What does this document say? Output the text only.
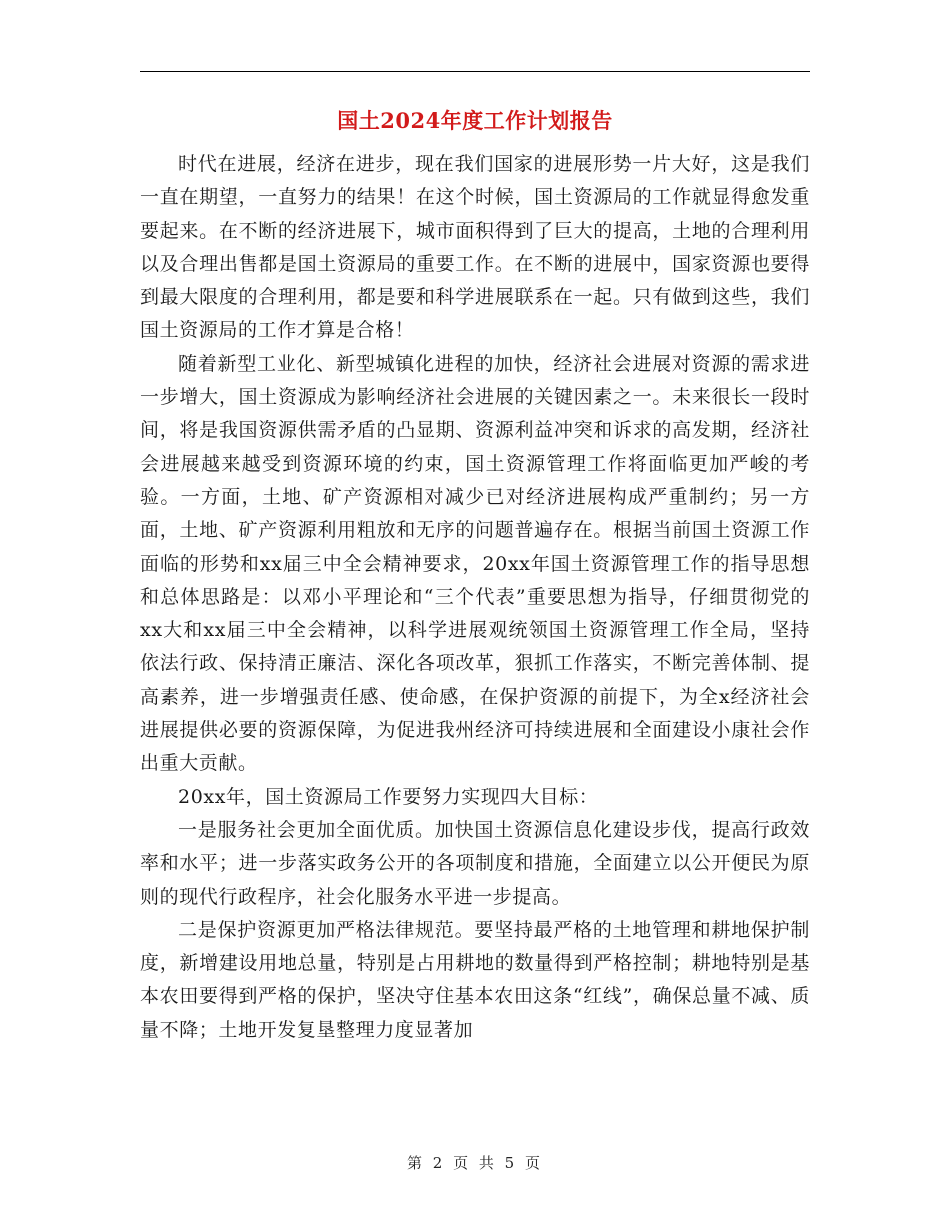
国土2024年度工作计划报告

时代在进展，经济在进步，现在我们国家的进展形势一片大好，这是我们一直在期望，一直努力的结果！在这个时候，国土资源局的工作就显得愈发重要起来。在不断的经济进展下，城市面积得到了巨大的提高，土地的合理利用以及合理出售都是国土资源局的重要工作。在不断的进展中，国家资源也要得到最大限度的合理利用，都是要和科学进展联系在一起。只有做到这些，我们国土资源局的工作才算是合格！

随着新型工业化、新型城镇化进程的加快，经济社会进展对资源的需求进一步增大，国土资源成为影响经济社会进展的关键因素之一。未来很长一段时间，将是我国资源供需矛盾的凸显期、资源利益冲突和诉求的高发期，经济社会进展越来越受到资源环境的约束，国土资源管理工作将面临更加严峻的考验。一方面，土地、矿产资源相对减少已对经济进展构成严重制约；另一方面，土地、矿产资源利用粗放和无序的问题普遍存在。根据当前国土资源工作面临的形势和xx届三中全会精神要求，20xx年国土资源管理工作的指导思想和总体思路是：以邓小平理论和“三个代表”重要思想为指导，仔细贯彻党的xx大和xx届三中全会精神，以科学进展观统领国土资源管理工作全局，坚持依法行政、保持清正廉洁、深化各项改革，狠抓工作落实，不断完善体制、提高素养，进一步增强责任感、使命感，在保护资源的前提下，为全x经济社会进展提供必要的资源保障，为促进我州经济可持续进展和全面建设小康社会作出重大贡献。

20xx年，国土资源局工作要努力实现四大目标：

一是服务社会更加全面优质。加快国土资源信息化建设步伐，提高行政效率和水平；进一步落实政务公开的各项制度和措施，全面建立以公开便民为原则的现代行政程序，社会化服务水平进一步提高。

二是保护资源更加严格法律规范。要坚持最严格的土地管理和耕地保护制度，新增建设用地总量，特别是占用耕地的数量得到严格控制；耕地特别是基本农田要得到严格的保护，坚决守住基本农田这条“红线”，确保总量不减、质量不降；土地开发复垦整理力度显著加

第 2 页 共 5 页
